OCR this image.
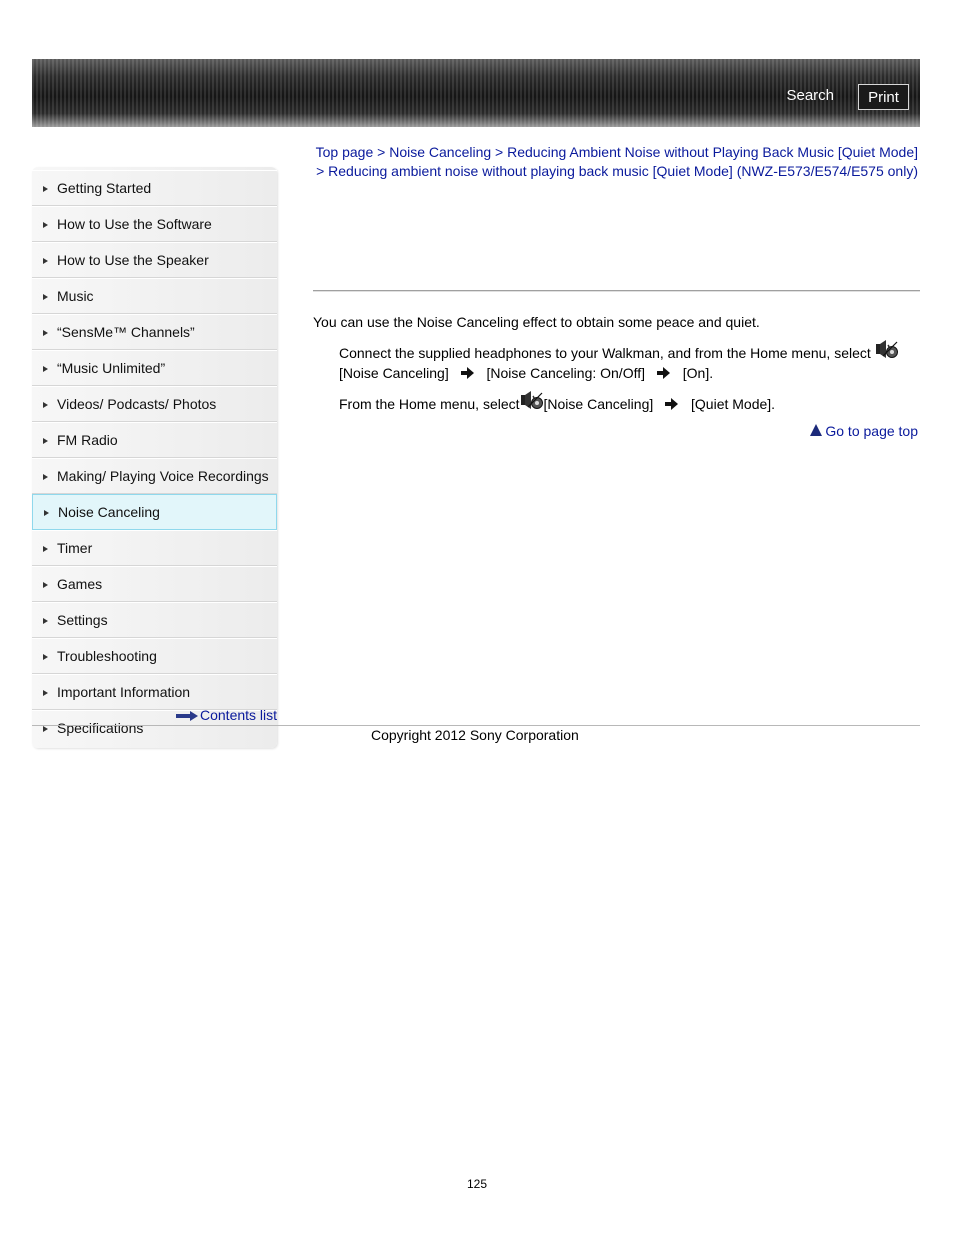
Search	Print
Getting Started
How to Use the Software
How to Use the Speaker
Music
“SensMe™ Channels”
“Music Unlimited”
Videos/ Podcasts/ Photos
FM Radio
Making/ Playing Voice Recordings
Noise Canceling
Timer
Games
Settings
Troubleshooting
Important Information
Specifications
Contents list
Top page > Noise Canceling > Reducing Ambient Noise without Playing Back Music [Quiet Mode] > Reducing ambient noise without playing back music [Quiet Mode] (NWZ-E573/E574/E575 only)
You can use the Noise Canceling effect to obtain some peace and quiet.
Connect the supplied headphones to your Walkman, and from the Home menu, select
[Noise Canceling]	[Noise Canceling: On/Off]	[On].
From the Home menu, select [Noise Canceling]	[Quiet Mode].
Go to page top
Copyright 2012 Sony Corporation
125
